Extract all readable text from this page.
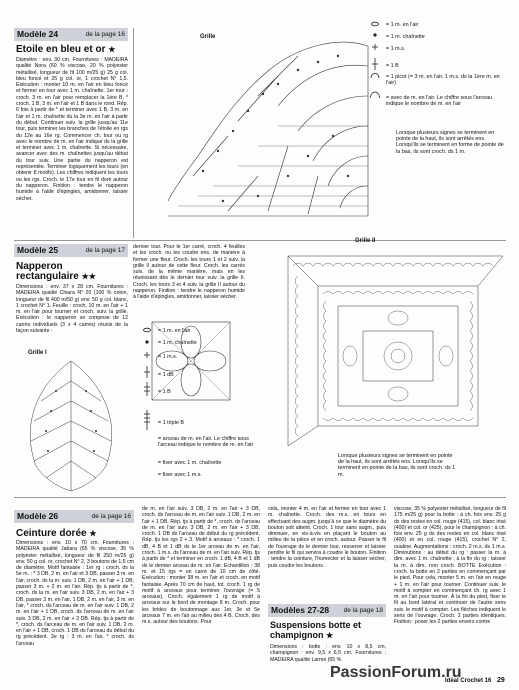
Modèle 24	de la page 16
Etoile en bleu et or ★
Diamètre : env. 30 cm. Fournitures : MADEIRA qualité Nora (60 % viscose, 20 % polyester métallisé, longueur de fil 100 m/25 g) 25 g col. bleu foncé et 25 g col. or, 1 crochet N° 1,5. Exécution : monter 10 m. en l'air en bleu foncé et fermer en tour avec 1 m. chaînette. 1er tour : croch. 3 m. en l'air pour remplacer la 1ère B, * croch. 1 B, 3 m. en l'air et 1 B dans le rond. Rép. 6 fois à partir de * et terminer avec 1 B, 3 m. en l'air et 1 m. chaînette du la 3e m. en l'air à partir du début. Continuer suiv. la grille jusqu'au 11e tour, puis terminer les branches de l'étoile en rgs du 12e au 16e rg. Commencer ch. tour ou rg avec le nombre de m. en l'air indiqué ds la grille et terminer avec 1 m. chaînette. Si nécessaire, avancer avec des m. chaînettes jusqu'au début du tour suiv. Une partie du napperon est représentée. Terminer logiquement les tours (en obtenir 8 motifs). Les chiffres indiquent les tours ou les rgs. Croch. le 17e tour en fil doré autour du napperon. Finition : tendre le napperon humide à l'aide d'épingles, amidonner, laisser sécher.
Grille
= 1 m. en l'air
= 1 m. chaînette
= 1 m.s.
= 1 B
= 1 picot (= 3 m. en l'air, 1 m.s. ds la 1ère m. en l'air)
= avec de m. en l'air. Le chiffre sous l'arceau indique le nombre de m. en l'air
Lorsque plusieurs signes se terminent en pointe de la haut, ils sont arrêtés ens. Lorsqu'ils se terminent en forme de pointe de la bas, ils sont croch. ds 1 m.
Modèle 25	de la page 17
Napperon rectangulaire ★★
Dimensions : env. 37 x 28 cm. Fournitures : MADEIRA qualité Chiara N° 20 (100 % coton, longueur de fil 400 m/50 g) env. 50 g col. blanc, 1 crochet N° 1. Feuille : croch. 10 m. en l'air + 1 m. en l'air pour tourner et croch. suiv. la grille. Exécution : le napperon se compose de 12 carrés individuels (3 x 4 carrés) réunis de la façon suivante :
dernier tour. Pour le 1er carré, croch. 4 feuilles et les croch. ou les coudre ens. de manière à former une fleur. Croch. les tours 1 et 2 suiv. la grille II autour de cette fleur. Croch. les carrés suiv. de la même manière, mais en les réunissant dès le dernier tour suiv. la grille II. Croch. les tours 3 et 4 suiv. la grille II autour du napperon. Finition : tendre le napperon humide à l'aide d'épingles, amidonner, laisser sécher.
Grille I
= 1 m. en l'air
= 1 m. chaînette
= 1 m.s.
= 1 dB
= 1 B
= 1 triple B
= arceau de m. en l'air. Le chiffre sous l'arceau indique le nombre de m. en l'air
= fixer avec 1 m. chaînette
= fixer avec 1 m.s.
Grille II
Lorsque plusieurs signes se terminent en pointe de la haut, ils sont arrêtés ens. Lorsqu'ils se terminent en pointe de la bas, ils sont croch. ds 1 m.
Modèle 26	de la page 16
Ceinture dorée ★
Dimensions : env. 10 x 70 cm. Fournitures : MADEIRA qualité Jabara (65 % viscose, 35 % polyester métallisé, longueur de fil 250 m/25 g) env. 50 g col. or, crochet N° 2, 3 boutons de 1,5 cm de diamètre. Motif fantaisie : 1er rg : croch. ds la 5e m. : * 3 DB, 2 m. en l'air et 3 DB, passer 3 m. en l'air, croch. ds la m. suiv. 1 DB, 2 m. en l'air + 1 DB, passer 3 m. + 2 m. en l'air. Rép. tjs à partir de *, croch. ds la m. en l'air suiv. 3 DB, 2 m. en l'air + 3 DB, passer 3 m. en l'air, 1 DB, 2 m. en l'air, 3 m. en l'air, * croch. ds l'arceau de m. en l'air suiv. 1 DB, 2 m. en l'air + 1 DB, croch. ds l'arceau de m. en l'air suiv. 3 DB, 2 m. en l'air + 3 DB. Rép. tjs à partir de *, croch. ds l'arceau de m. en l'air suiv. 1 DB, 2 m. en l'air + 1 DB, croch. 1 DB ds l'arceau du début du rg précédent. 3e rg : 3 m. en l'air, * croch. ds l'arceau
de m. en l'air suiv. 3 DB, 2 m. en l'air + 3 DB, croch. ds l'arceau de m. en l'air suiv. 1 DB, 2 m. en l'air + 1 DB. Rép. tjs à partir de *, croch. ds l'arceau de m. en l'air suiv. 3 DB, 2 m. en l'air + 3 DB, croch. 1 DB ds l'arceau de début du rg précédent. Rép. tjs les rgs 2 + 3. Motif à arceaux : * croch. 1 dB, 4 B et 1 dB ds le 1er arceau de m. en l'air, croch. 1 m.s. ds l'arceau de m. en l'air suiv. Rép. tjs à partir de * et terminer en croch. 1 dB, 4 B et 1 dB ds le dernier arceau de m. en l'air. Echantillon : 38 m. et 15 rgs = un carré de 10 cm de côté. Exécution : monter 38 m. en l'air et croch. en motif fantaisie. Après 70 cm de haut, tot. croch. 1 rg de motif à arceaux pour terminer l'ouvrage (= 5 arceaux). Croch. également 1 rg de motif à arceaux sur le bord de montage 8 m. Croch. pour les brides de boutonnage aux 1er, 3e et 5e arceaux 7 m. en l'air au milieu des 4 B. Croch. des m.s. autour des boutons. Pour
cela, monter 4 m. en l'air et fermer en tour avec 1 m. chaînette. Croch. des m.s. en tours en effectuant des augm. jusqu'à ce que le diamètre du bouton soit atteint. Croch. 1 tour sans augm., puis diminuer, en vis-à-vis en plaçant le bouton au milieu de la pièce et en croch. autour. Passer le fil de l'ouvrage ds le dernier tour, resserrer et laisser pendre le fil qui servira à coudre le bouton. Finition : tendre la ceinture, l'humecter et la laisser sécher, puis coudre les boutons.
Modèles 27-28 de la page 18
Suspensions botte et champignon ★
Dimensions : botte : env. 10 x 8,5 cm, champignon : env. 9,5 x 6,5 cm. Fournitures : MADEIRA qualité Larmé (65 %
viscose, 35 % polyester métallisé, longueur de fil 175 m/25 g) pour la botte : à ch. fois env. 25 g ds des restes en col. rouge (415), col. blanc irisé (400) et col. or (425), pour le champignon : à ch. fois env. 25 g ds des restes en col. blanc irisé (400) et en col. rouge (415), crochet N° 2, ouatine. Augmentations : croch. 2 m.s. ds 1 m.s. Diminutions : au début du rg : passer la m. à dim. avec 1 m. chaînette ; à la fin du rg : laisser la m. à dim. non croch. BOTTE Exécution : croch. la botte en 2 parties en commençant par le pied. Pour cela, monter 5 m. en l'air en rouge + 1 m. en l'air pour tourner. Continuer suiv. le motif à compter en commençant ch. rg avec 1 m. en l'air pour tourner. À la fin du pied, fixer le fil au bord latéral et continuer de l'autre sens suiv. le motif à compter. Les flèches indiquent le sens de l'ouvrage. Croch. 2 parties identiques. Finition : poser les 2 parties envers contre
Idéal Crochet 16 29
PassionForum.ru
